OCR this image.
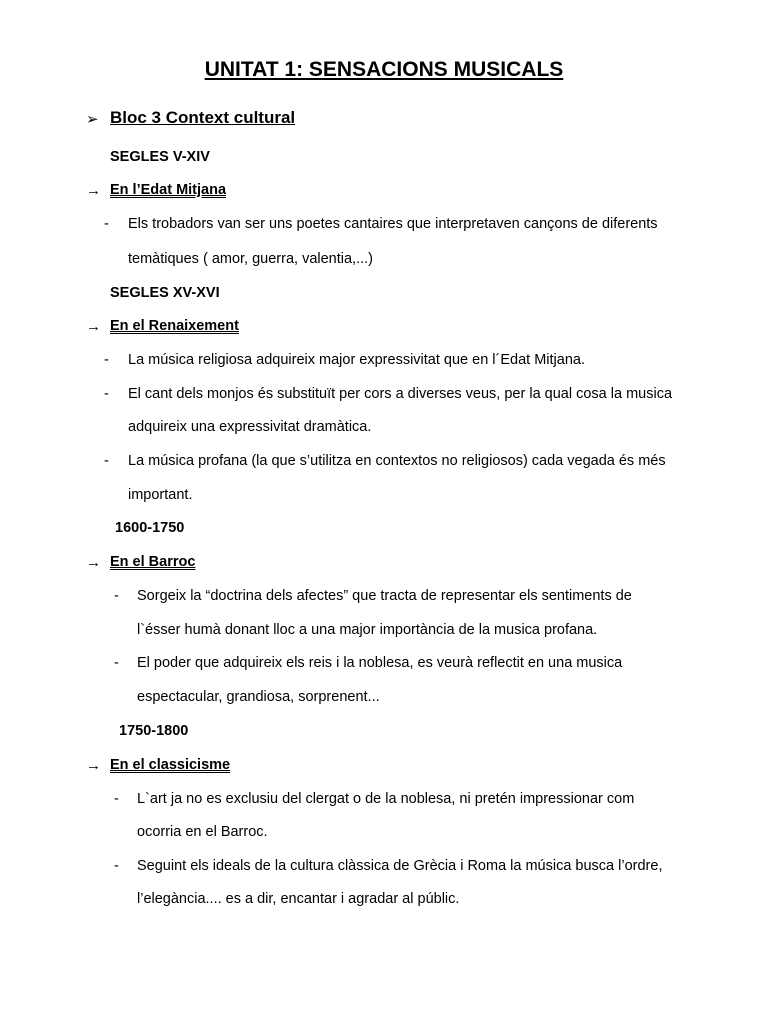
UNITAT 1: SENSACIONS MUSICALS
➢ Bloc 3 Context cultural
SEGLES V-XIV
→ En l’Edat Mitjana
- Els trobadors van ser uns poetes cantaires que interpretaven cançons de diferents
temàtiques ( amor, guerra, valentia,...)
SEGLES XV-XVI
→ En el Renaixement
- La música religiosa adquireix major expressivitat que en l´Edat Mitjana.
- El cant dels monjos és substituït per cors a diverses veus, per la qual cosa la musica
adquireix una expressivitat dramàtica.
- La música profana (la que s’utilitza en contextos no religiosos) cada vegada és més
important.
1600-1750
→ En el Barroc
- Sorgeix la “doctrina dels afectes” que tracta de representar els sentiments de
l`ésser humà donant lloc a una major importància de la musica profana.
- El poder que adquireix els reis i la noblesa, es veurà reflectit en una musica
espectacular, grandiosa, sorprenent...
1750-1800
→ En el classicisme
- L`art ja no es exclusiu del clergat o de la noblesa, ni pretén impressionar com
ocorria en el Barroc.
- Seguint els ideals de la cultura clàssica de Grècia i Roma la música busca l’ordre,
l’elegància.... es a dir, encantar i agradar al públic.
